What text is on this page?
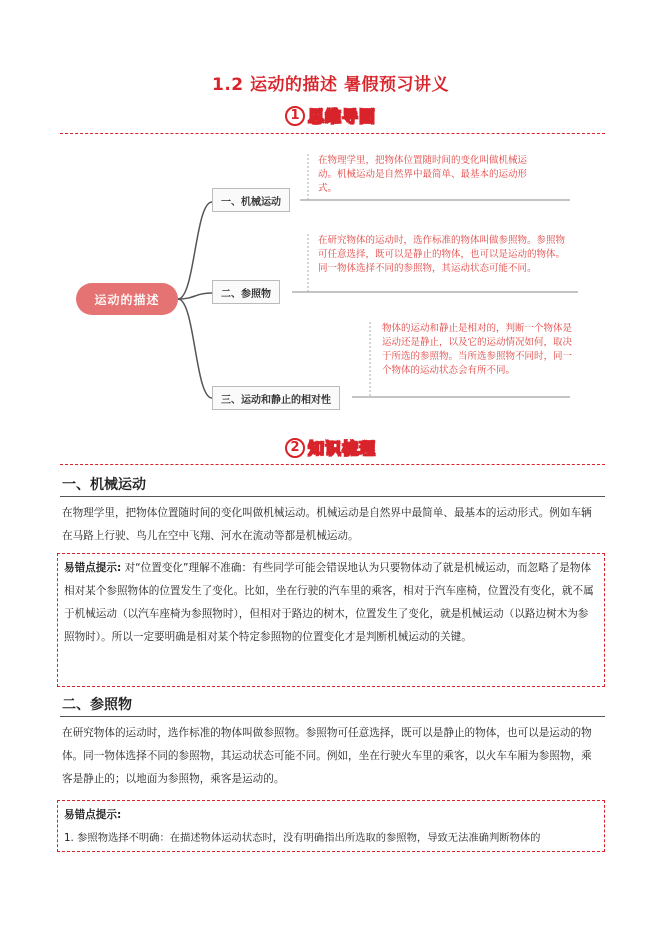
1.2 运动的描述 暑假预习讲义
1 思维导图
运动的描述
一、机械运动
在物理学里，把物体位置随时间的变化叫做机械运动。机械运动是自然界中最简单、最基本的运动形式。
二、参照物
在研究物体的运动时，选作标准的物体叫做参照物。参照物可任意选择，既可以是静止的物体，也可以是运动的物体。同一物体选择不同的参照物，其运动状态可能不同。
三、运动和静止的相对性
物体的运动和静止是相对的，判断一个物体是运动还是静止，以及它的运动情况如何，取决于所选的参照物。当所选参照物不同时，同一个物体的运动状态会有所不同。
2 知识梳理
一、机械运动
在物理学里，把物体位置随时间的变化叫做机械运动。机械运动是自然界中最简单、最基本的运动形式。例如车辆在马路上行驶、鸟儿在空中飞翔、河水在流动等都是机械运动。
易错点提示: 对“位置变化”理解不准确：有些同学可能会错误地认为只要物体动了就是机械运动，而忽略了是物体相对某个参照物体的位置发生了变化。比如，坐在行驶的汽车里的乘客，相对于汽车座椅，位置没有变化，就不属于机械运动（以汽车座椅为参照物时），但相对于路边的树木，位置发生了变化，就是机械运动（以路边树木为参照物时）。所以一定要明确是相对某个特定参照物的位置变化才是判断机械运动的关键。
二、参照物
在研究物体的运动时，选作标准的物体叫做参照物。参照物可任意选择，既可以是静止的物体，也可以是运动的物体。同一物体选择不同的参照物，其运动状态可能不同。例如，坐在行驶火车里的乘客，以火车车厢为参照物，乘客是静止的；以地面为参照物，乘客是运动的。
易错点提示:
1. 参照物选择不明确：在描述物体运动状态时，没有明确指出所选取的参照物，导致无法准确判断物体的
